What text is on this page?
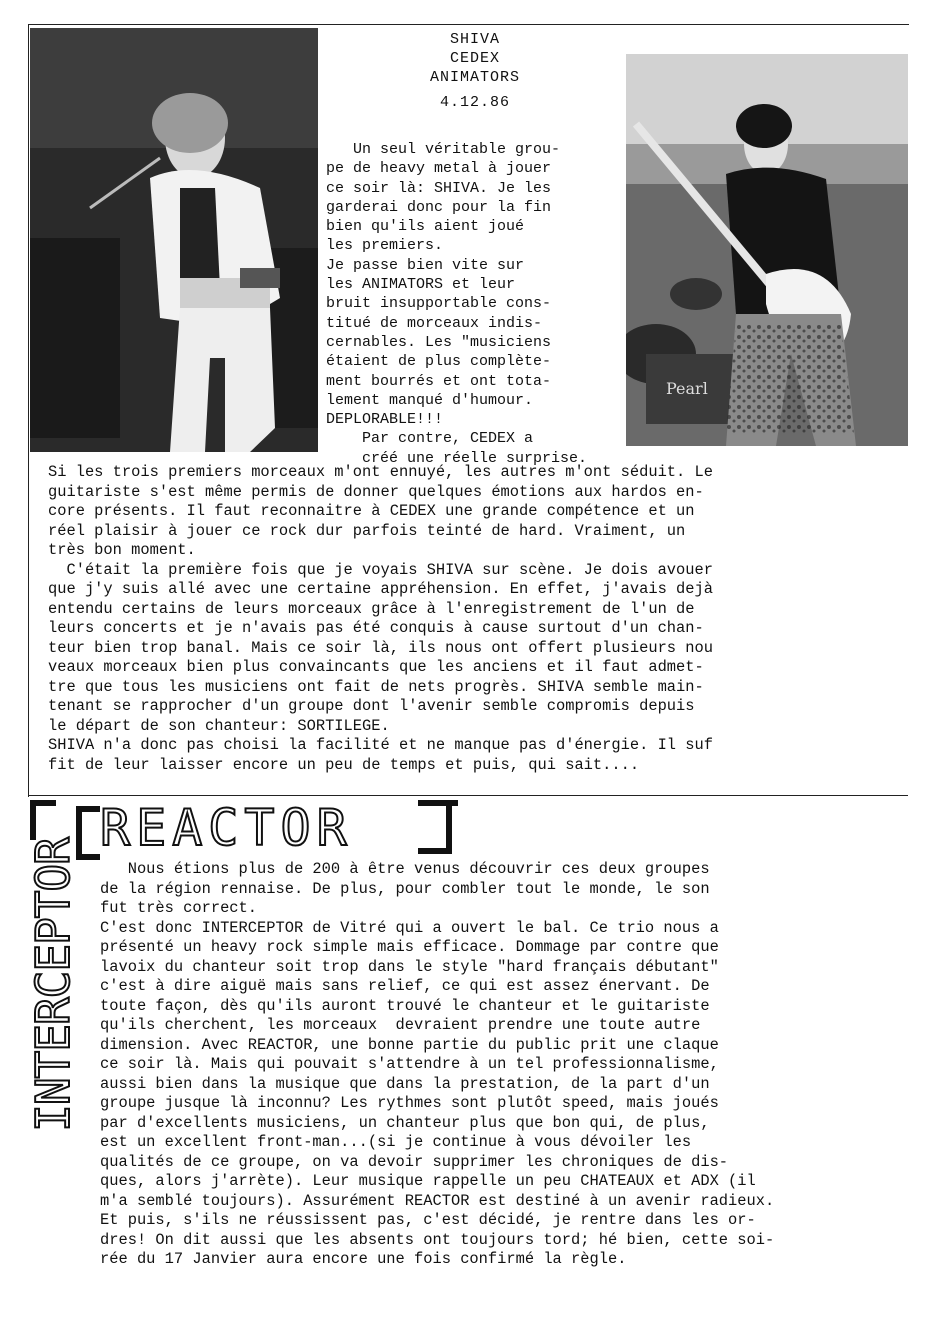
Pearl
SHIVA
CEDEX
ANIMATORS
4.12.86
Un seul véritable grou-
pe de heavy metal à jouer
ce soir là: SHIVA. Je les
garderai donc pour la fin
bien qu'ils aient joué
les premiers.
Je passe bien vite sur
les ANIMATORS et leur
bruit insupportable cons-
titué de morceaux indis-
cernables. Les "musiciens
étaient de plus complète-
ment bourrés et ont tota-
lement manqué d'humour.
DEPLORABLE!!!
Par contre, CEDEX a
créé une réelle surprise.
Si les trois premiers morceaux m'ont ennuyé, les autres m'ont séduit. Le
guitariste s'est même permis de donner quelques émotions aux hardos en-
core présents. Il faut reconnaitre à CEDEX une grande compétence et un
réel plaisir à jouer ce rock dur parfois teinté de hard. Vraiment, un
très bon moment.
C'était la première fois que je voyais SHIVA sur scène. Je dois avouer
que j'y suis allé avec une certaine appréhension. En effet, j'avais dejà
entendu certains de leurs morceaux grâce à l'enregistrement de l'un de
leurs concerts et je n'avais pas été conquis à cause surtout d'un chan-
teur bien trop banal. Mais ce soir là, ils nous ont offert plusieurs nou
veaux morceaux bien plus convaincants que les anciens et il faut admet-
tre que tous les musiciens ont fait de nets progrès. SHIVA semble main-
tenant se rapprocher d'un groupe dont l'avenir semble compromis depuis
le départ de son chanteur: SORTILEGE.
SHIVA n'a donc pas choisi la facilité et ne manque pas d'énergie. Il suf
fit de leur laisser encore un peu de temps et puis, qui sait....
REACTOR
INTERCEPTOR	Nous étions plus de 200 à être venus découvrir ces deux groupes
de la région rennaise. De plus, pour combler tout le monde, le son
fut très correct.
C'est donc INTERCEPTOR de Vitré qui a ouvert le bal. Ce trio nous a
présenté un heavy rock simple mais efficace. Dommage par contre que
lavoix du chanteur soit trop dans le style "hard français débutant"
c'est à dire aiguë mais sans relief, ce qui est assez énervant. De
toute façon, dès qu'ils auront trouvé le chanteur et le guitariste
qu'ils cherchent, les morceaux  devraient prendre une toute autre
dimension. Avec REACTOR, une bonne partie du public prit une claque
ce soir là. Mais qui pouvait s'attendre à un tel professionnalisme,
aussi bien dans la musique que dans la prestation, de la part d'un
groupe jusque là inconnu? Les rythmes sont plutôt speed, mais joués
par d'excellents musiciens, un chanteur plus que bon qui, de plus,
est un excellent front-man...(si je continue à vous dévoiler les
qualités de ce groupe, on va devoir supprimer les chroniques de dis-
ques, alors j'arrète). Leur musique rappelle un peu CHATEAUX et ADX (il
m'a semblé toujours). Assurément REACTOR est destiné à un avenir radieux.
Et puis, s'ils ne réussissent pas, c'est décidé, je rentre dans les or-
dres! On dit aussi que les absents ont toujours tord; hé bien, cette soi-
rée du 17 Janvier aura encore une fois confirmé la règle.
